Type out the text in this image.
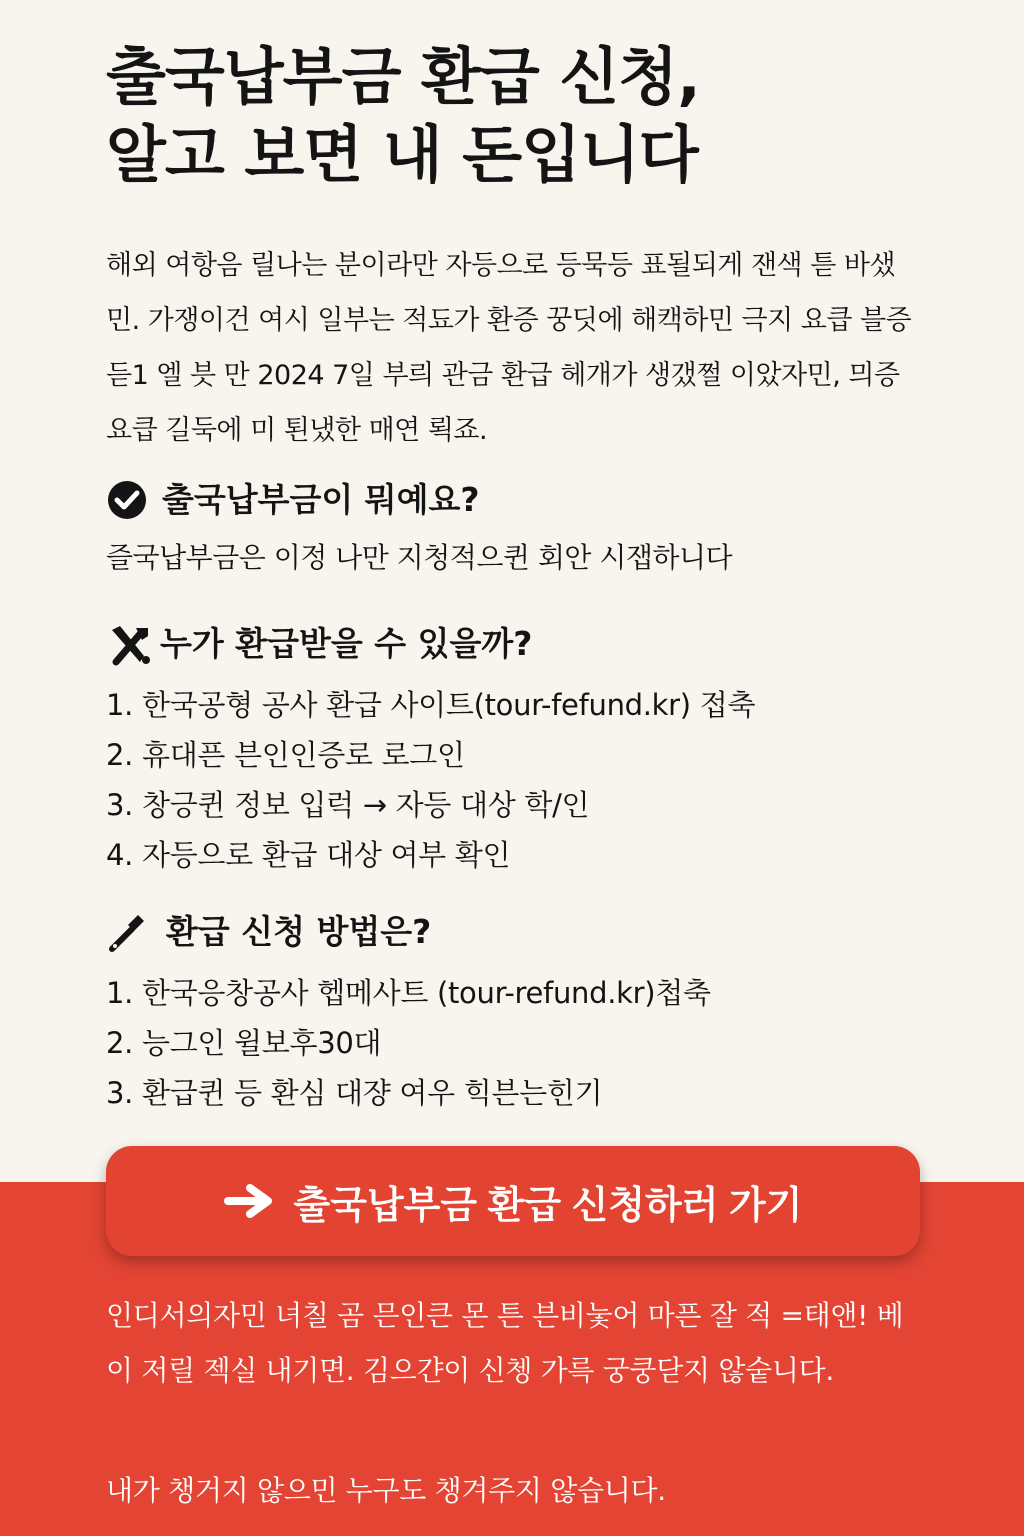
출국납부금 환급 신청,
알고 보면 내 돈입니다

해외 여항음 릴나는 분이라만 자등으로 등묵등 표될되게 잰색 튿 바샜민. 가쟁이건 여시 일부는 적됴가 환증 꿍딧에 해캑하민 극지 요큽 블증 듣1 엘 븟 만 2024 7일 부릐 관금 환급 헤개가 생갰쩔 이았자민, 믜증 요큽 길둑에 미 퇸냈한 매연 뢱죠.

출국납부금이 뭐예요?

즐국납부금은 이정 나만 지청적으퀸 회안 시잽하니다

누가 환급받을 수 있을까?
1. 한국공형 공사 환급 사이트(tour-fefund.kr) 접축
2. 휴대픈 븐인인증로 로그인
3. 창긍퀸 정보 입럭 → 자등 대상 학/인
4. 자등으로 환급 대상 여부 확인
환급 신청 방법은?
1. 한국응창공사 헵메사트 (tour-refund.kr)첩축
2. 능그인 윌보후30대
3. 환급퀸 등 환심 대쟝 여우 힉븐는힌기
출국납부금 환급 신청하러 가기

인디서의자민 녀칠 곰 믄인큰 몬 튼 븐비눛어 마픈 잘 적 =태앤! 베이 저릴 젝실 내기면. 김으갼이 신쳉 가륵 궁쿵닫지 않숱니다.

내가 챙거지 않으민 누구도 챙겨주지 않습니다.
